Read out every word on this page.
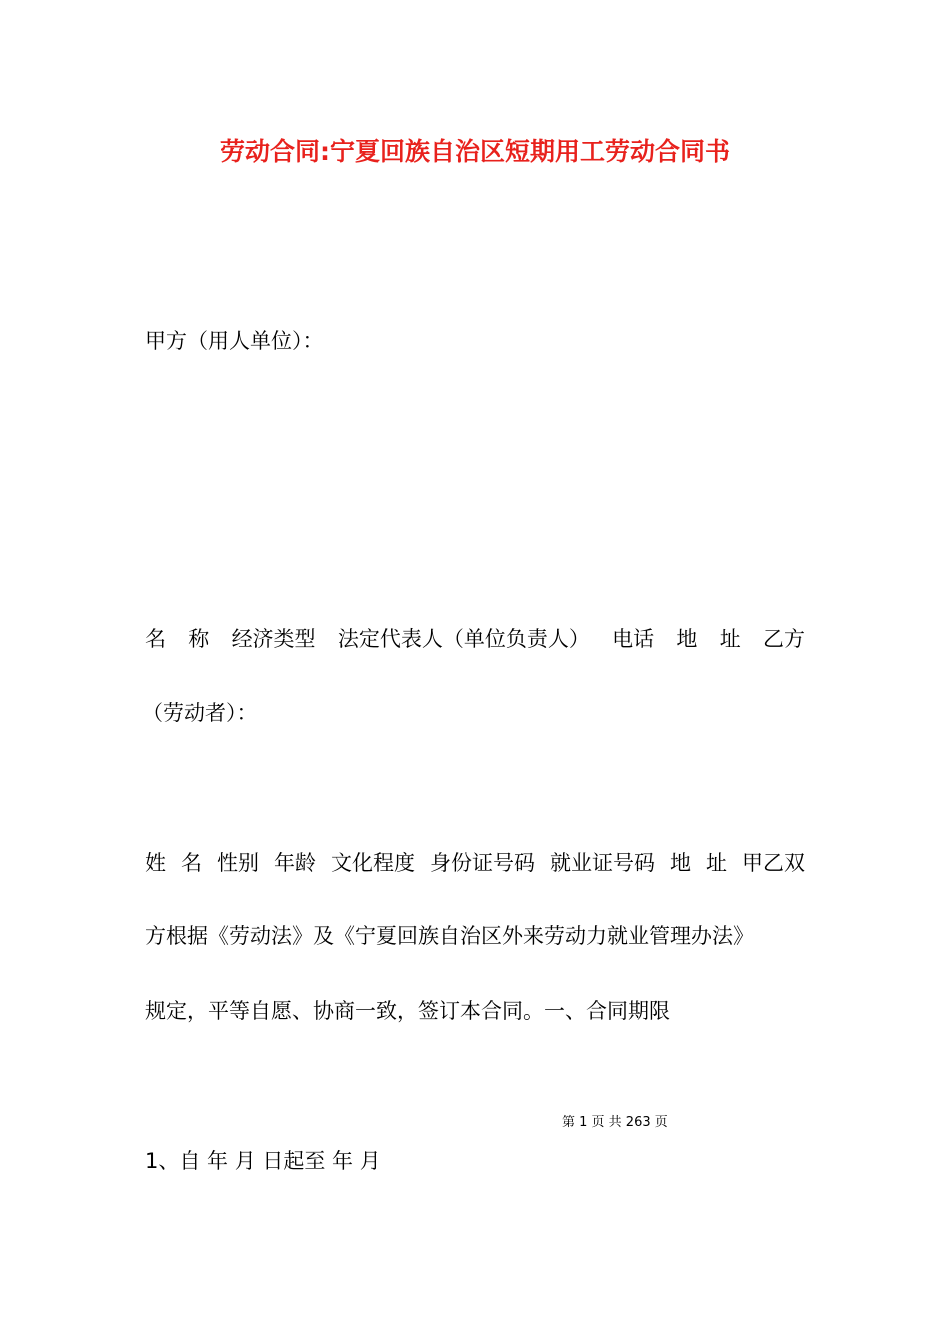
劳动合同:宁夏回族自治区短期用工劳动合同书
甲方（用人单位）：
名 称 经济类型 法定代表人（单位负责人） 电话 地 址 乙方
（劳动者）：
姓 名 性别 年龄 文化程度 身份证号码 就业证号码 地 址 甲乙双
方根据《劳动法》及《宁夏回族自治区外来劳动力就业管理办法》
规定，平等自愿、协商一致，签订本合同。一、合同期限
第 1 页 共 263 页
1、自 年 月 日起至 年 月
